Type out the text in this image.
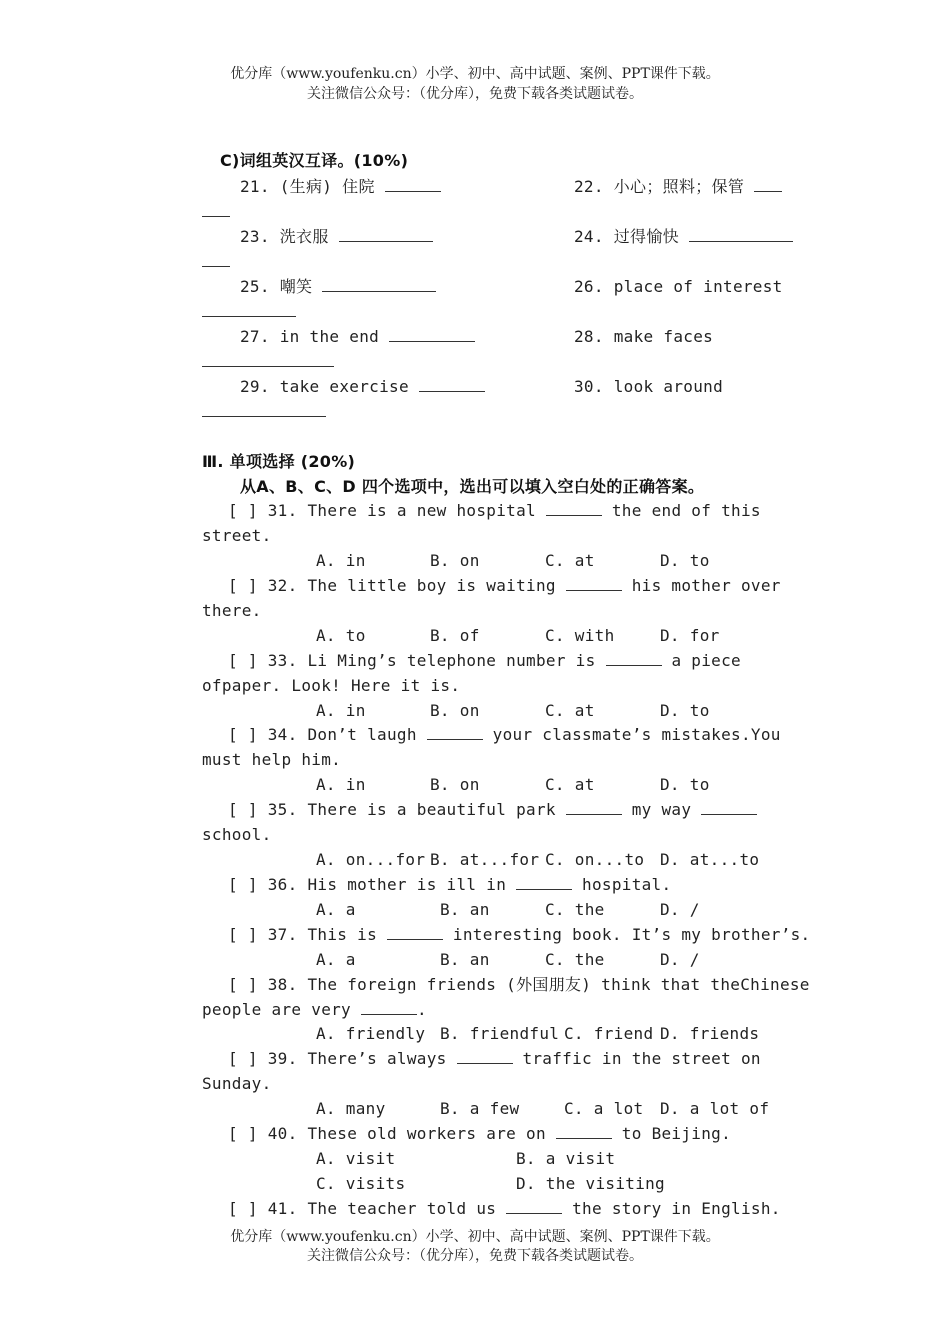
优分库（www.youfenku.cn）小学、初中、高中试题、案例、PPT课件下载。
关注微信公众号：（优分库），免费下载各类试题试卷。
C)词组英汉互译。(10%)
21. (生病) 住院	22. 小心；照料；保管
23. 洗衣服	24. 过得愉快
25. 嘲笑	26. place of interest
27. in the end	28. make faces
29. take exercise	30. look around
Ⅲ. 单项选择 (20%)
从A、B、C、D 四个选项中，选出可以填入空白处的正确答案。
[ ] 31. There is a new hospital	the end of this
street.
A. in	B. on	C. at	D. to
[ ] 32. The little boy is waiting	his mother over
there.
A. to	B. of	C. with	D. for
[ ] 33. Li Ming’s telephone number is	a piece
ofpaper. Look! Here it is.
A. in	B. on	C. at	D. to
[ ] 34. Don’t laugh	your classmate’s mistakes.You
must help him.
A. in	B. on	C. at	D. to
[ ] 35. There is a beautiful park	my way
school.
A. on...for B. at...for C. on...to D. at...to
[ ] 36. His mother is ill in	hospital.
A. a	B. an	C. the	D. /
[ ] 37. This is	interesting book. It’s my brother’s.
A. a	B. an	C. the	D. /
[ ] 38. The foreign friends (外国朋友) think that theChinese
people are very	.
A. friendly B. friendful C. friend D. friends
[ ] 39. There’s always	traffic in the street on
Sunday.
A. many	B. a few	C. a lot D. a lot of
[ ] 40. These old workers are on	to Beijing.
A. visit	B. a visit
C. visits	D. the visiting
[ ] 41. The teacher told us	the story in English.
优分库（www.youfenku.cn）小学、初中、高中试题、案例、PPT课件下载。
关注微信公众号：（优分库），免费下载各类试题试卷。
